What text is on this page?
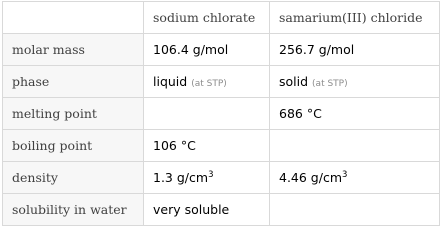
	sodium chlorate	samarium(III) chloride
molar mass	106.4 g/mol	256.7 g/mol
phase	liquid (at STP)	solid (at STP)
melting point		686 °C
boiling point	106 °C	
density	1.3 $g/cm^3$	4.46 $g/cm^3$
solubility in water	very soluble	
